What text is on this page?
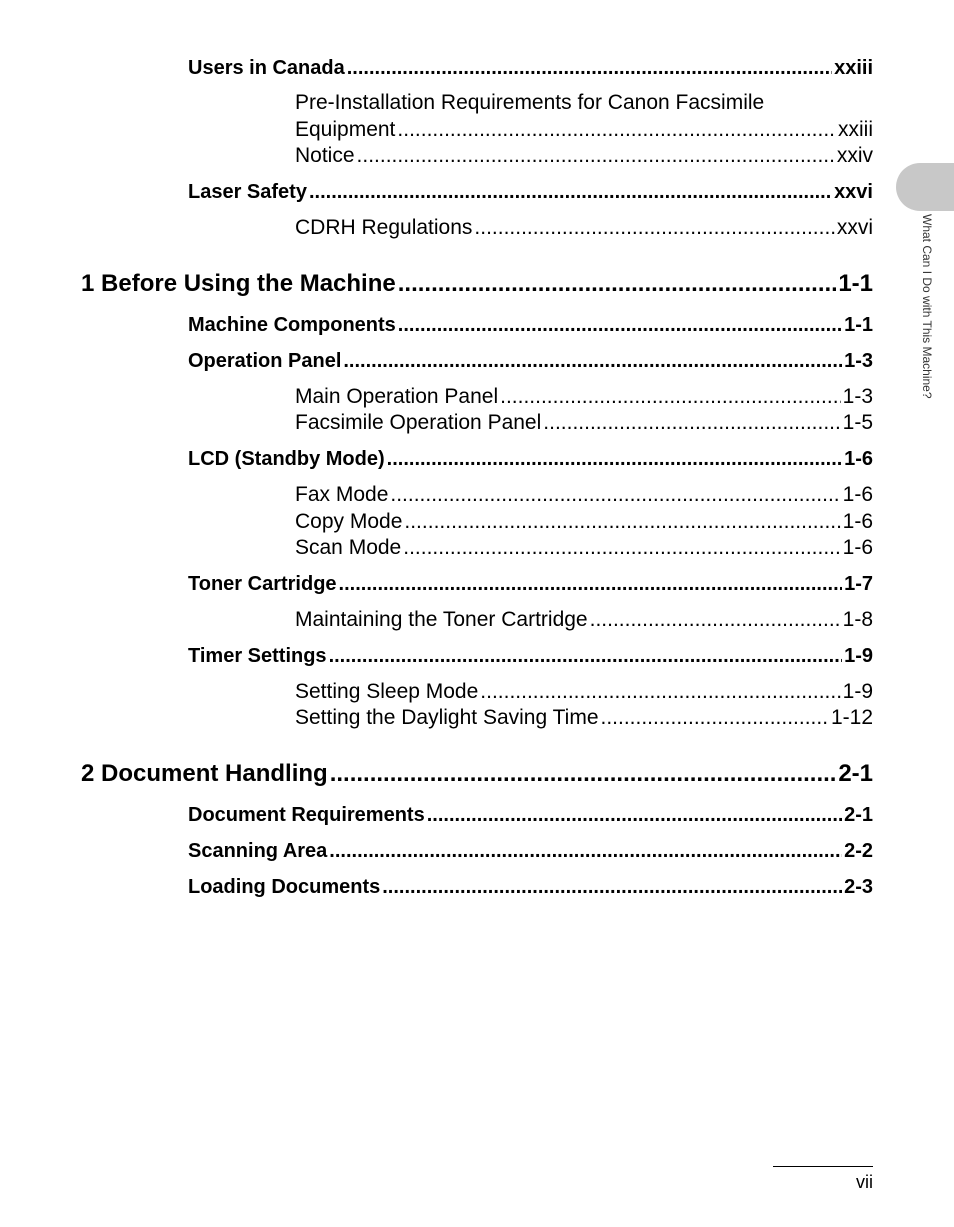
What Can I Do with This Machine?
Users in Canada .....	xxiii
Pre-Installation Requirements for Canon Facsimile
Equipment .....	xxiii
Notice .....	xxiv
Laser Safety .....	xxvi
CDRH Regulations .....	xxvi
1 Before Using the Machine .....	1-1
Machine Components .....	1-1
Operation Panel .....	1-3
Main Operation Panel .....	1-3
Facsimile Operation Panel .....	1-5
LCD (Standby Mode) .....	1-6
Fax Mode .....	1-6
Copy Mode .....	1-6
Scan Mode .....	1-6
Toner Cartridge .....	1-7
Maintaining the Toner Cartridge .....	1-8
Timer Settings .....	1-9
Setting Sleep Mode .....	1-9
Setting the Daylight Saving Time .....	1-12
2 Document Handling .....	2-1
Document Requirements .....	2-1
Scanning Area .....	2-2
Loading Documents .....	2-3
vii
